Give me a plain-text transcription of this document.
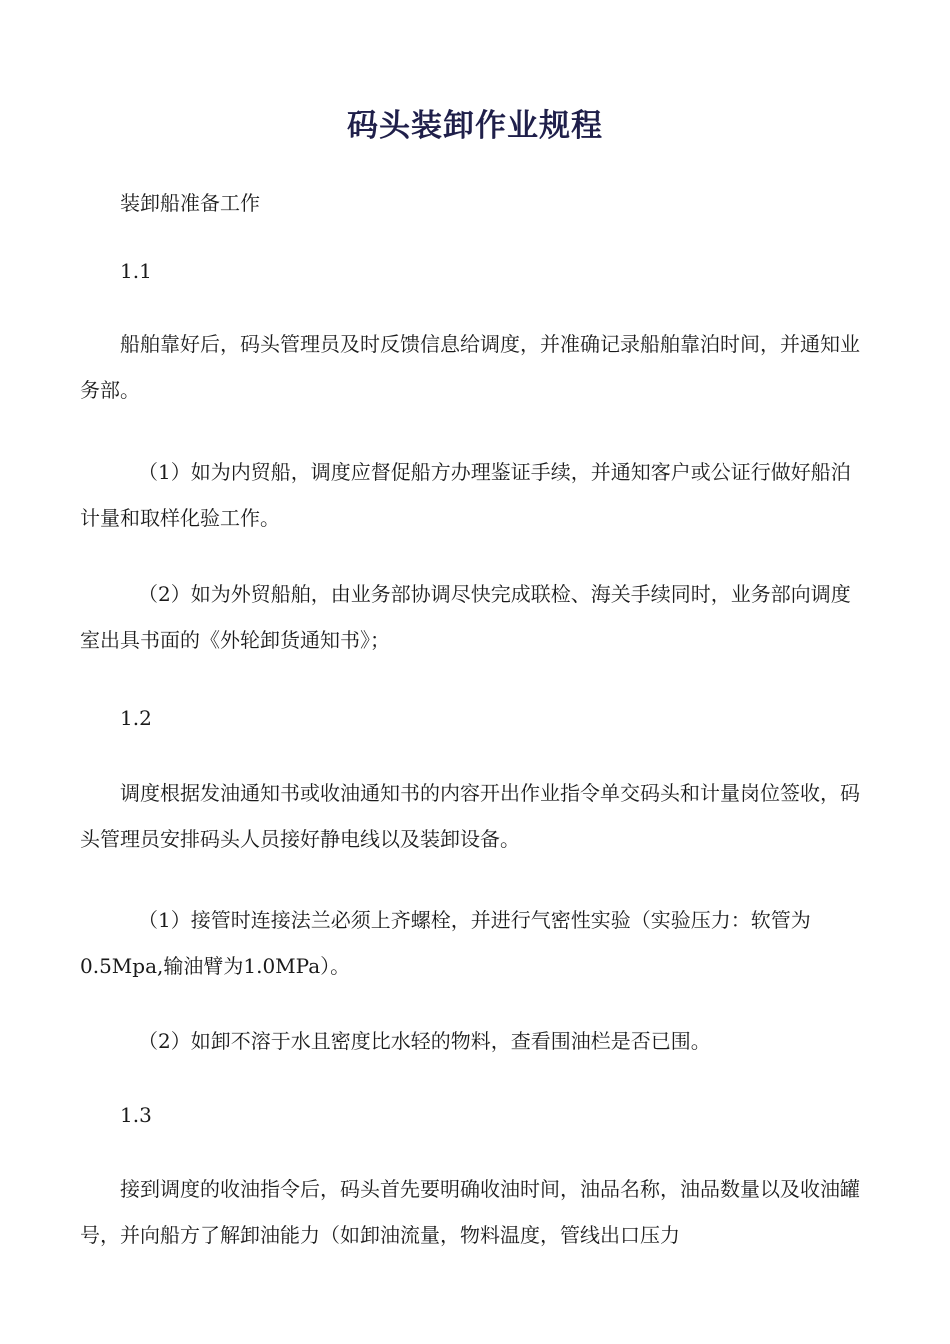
码头装卸作业规程

装卸船准备工作

1.1

船舶靠好后，码头管理员及时反馈信息给调度，并准确记录船舶靠泊时间，并通知业务部。

（1）如为内贸船，调度应督促船方办理鉴证手续，并通知客户或公证行做好船泊计量和取样化验工作。

（2）如为外贸船舶，由业务部协调尽快完成联检、海关手续同时，业务部向调度室出具书面的《外轮卸货通知书》；

1.2

调度根据发油通知书或收油通知书的内容开出作业指令单交码头和计量岗位签收，码头管理员安排码头人员接好静电线以及装卸设备。

（1）接管时连接法兰必须上齐螺栓，并进行气密性实验（实验压力：软管为0.5Mpa,输油臂为1.0MPa）。

（2）如卸不溶于水且密度比水轻的物料，查看围油栏是否已围。

1.3

接到调度的收油指令后，码头首先要明确收油时间，油品名称，油品数量以及收油罐号，并向船方了解卸油能力（如卸油流量，物料温度，管线出口压力
